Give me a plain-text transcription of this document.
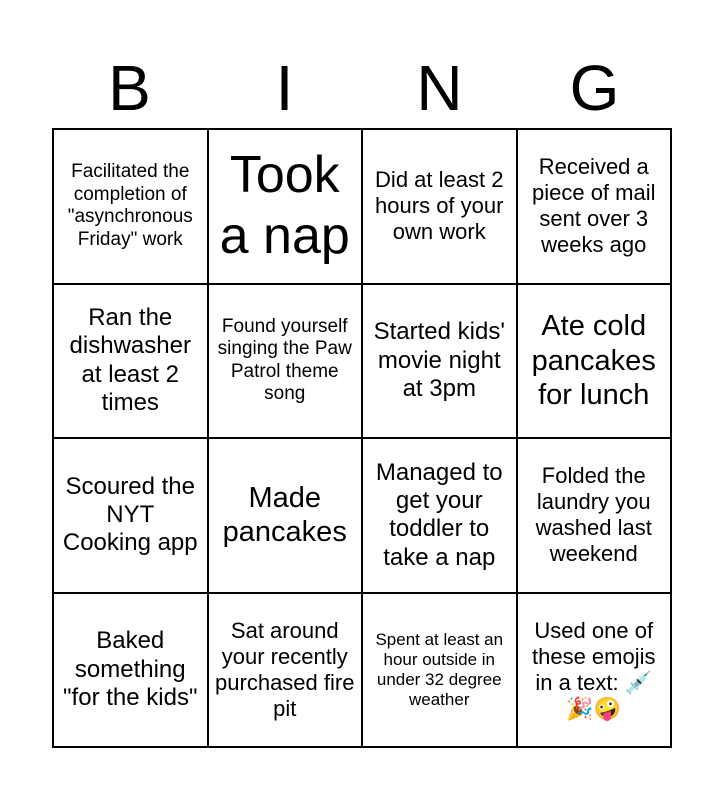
B	I	N	G
Facilitated the completion of "asynchronous Friday" work
Took a nap
Did at least 2 hours of your own work
Received a piece of mail sent over 3 weeks ago
Ran the dishwasher at least 2 times
Found yourself singing the Paw Patrol theme song
Started kids' movie night at 3pm
Ate cold pancakes for lunch
Scoured the NYT Cooking app
Made pancakes
Managed to get your toddler to take a nap
Folded the laundry you washed last weekend
Baked something "for the kids"
Sat around your recently purchased fire pit
Spent at least an hour outside in under 32 degree weather
Used one of these emojis in a text: 💉🎉🤪
